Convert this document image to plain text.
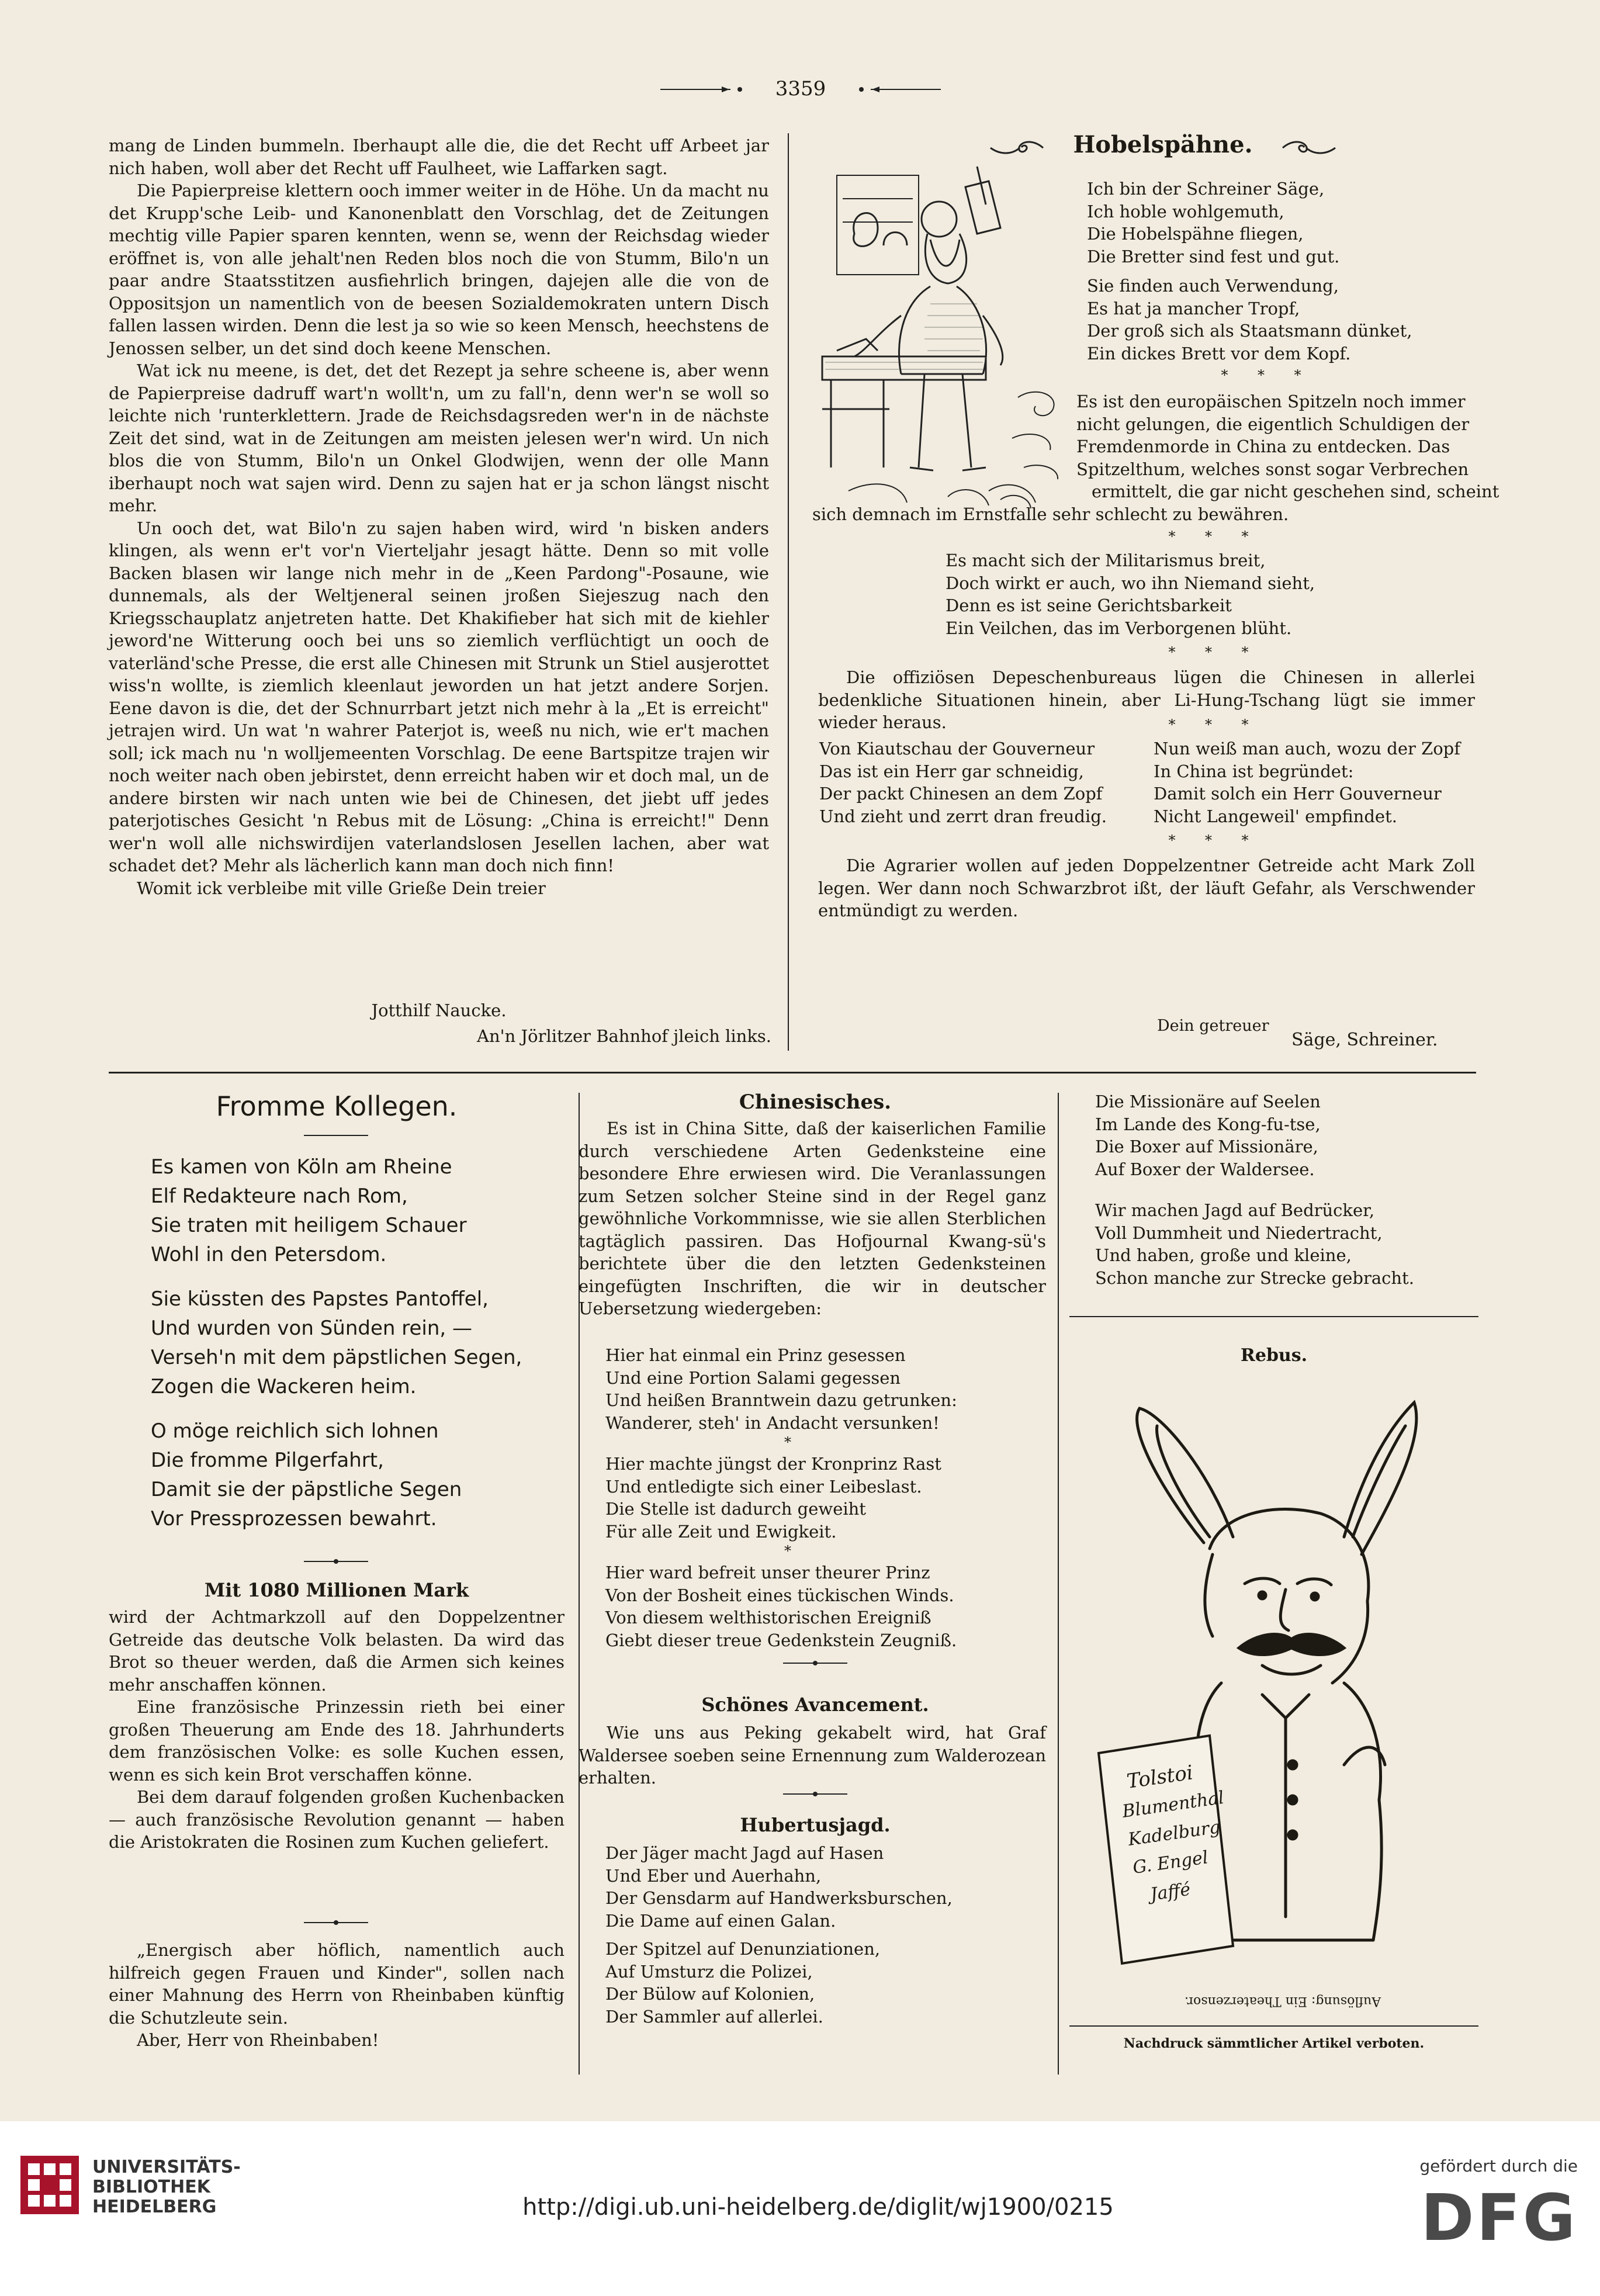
3359

mang de Linden bummeln. Iberhaupt alle die, die det Recht uff Arbeet jar nich haben, woll aber det Recht uff Faulheet, wie Laffarken sagt.

Die Papierpreise klettern ooch immer weiter in de Höhe. Un da macht nu det Krupp'sche Leib- und Kanonenblatt den Vorschlag, det de Zeitungen mechtig ville Papier sparen kennten, wenn se, wenn der Reichsdag wieder eröffnet is, von alle jehalt'nen Reden blos noch die von Stumm, Bilo'n un paar andre Staatsstitzen ausfiehrlich bringen, dajejen alle die von de Oppositsjon un namentlich von de beesen Sozialdemokraten untern Disch fallen lassen wirden. Denn die lest ja so wie so keen Mensch, heechstens de Jenossen selber, un det sind doch keene Menschen.

Wat ick nu meene, is det, det det Rezept ja sehre scheene is, aber wenn de Papierpreise dadruff wart'n wollt'n, um zu fall'n, denn wer'n se woll so leichte nich 'runterklettern. Jrade de Reichsdagsreden wer'n in de nächste Zeit det sind, wat in de Zeitungen am meisten jelesen wer'n wird. Un nich blos die von Stumm, Bilo'n un Onkel Glodwijen, wenn der olle Mann iberhaupt noch wat sajen wird. Denn zu sajen hat er ja schon längst nischt mehr.

Un ooch det, wat Bilo'n zu sajen haben wird, wird 'n bisken anders klingen, als wenn er't vor'n Vierteljahr jesagt hätte. Denn so mit volle Backen blasen wir lange nich mehr in de „Keen Pardong"-Posaune, wie dunnemals, als der Weltjeneral seinen jroßen Siejeszug nach den Kriegsschauplatz anjetreten hatte. Det Khakifieber hat sich mit de kiehler jeword'ne Witterung ooch bei uns so ziemlich verflüchtigt un ooch de vaterländ'sche Presse, die erst alle Chinesen mit Strunk un Stiel ausjerottet wiss'n wollte, is ziemlich kleenlaut jeworden un hat jetzt andere Sorjen. Eene davon is die, det der Schnurrbart jetzt nich mehr à la „Et is erreicht" jetrajen wird. Un wat 'n wahrer Paterjot is, weeß nu nich, wie er't machen soll; ick mach nu 'n wolljemeenten Vorschlag. De eene Bartspitze trajen wir noch weiter nach oben jebirstet, denn erreicht haben wir et doch mal, un de andere birsten wir nach unten wie bei de Chinesen, det jiebt uff jedes paterjotisches Gesicht 'n Rebus mit de Lösung: „China is erreicht!" Denn wer'n woll alle nichswirdijen vaterlandslosen Jesellen lachen, aber wat schadet det? Mehr als lächerlich kann man doch nich finn!

Womit ick verbleibe mit ville Grieße Dein treier

Jotthilf Naucke.
An'n Jörlitzer Bahnhof jleich links.
Hobelspähne.
Ich bin der Schreiner Säge,
Ich hoble wohlgemuth,
Die Hobelspähne fliegen,
Die Bretter sind fest und gut.
Sie finden auch Verwendung,
Es hat ja mancher Tropf,
Der groß sich als Staatsmann dünket,
Ein dickes Brett vor dem Kopf.
*    *    *
Es ist den europäischen Spitzeln noch immer
nicht gelungen, die eigentlich Schuldigen der
Fremdenmorde in China zu entdecken. Das
Spitzelthum, welches sonst sogar Verbrechen
ermittelt, die gar nicht geschehen sind, scheint
sich demnach im Ernstfalle sehr schlecht zu bewähren.
*    *    *
Es macht sich der Militarismus breit,
Doch wirkt er auch, wo ihn Niemand sieht,
Denn es ist seine Gerichtsbarkeit
Ein Veilchen, das im Verborgenen blüht.
*    *    *
Die offiziösen Depeschenbureaus lügen die Chinesen in allerlei bedenkliche Situationen hinein, aber Li-Hung-Tschang lügt sie immer wieder heraus.	*    *    *
Von Kiautschau der Gouverneur
Das ist ein Herr gar schneidig,
Der packt Chinesen an dem Zopf
Und zieht und zerrt dran freudig.
Nun weiß man auch, wozu der Zopf
In China ist begründet:
Damit solch ein Herr Gouverneur
Nicht Langeweil' empfindet.
*    *    *
Die Agrarier wollen auf jeden Doppelzentner Getreide acht Mark Zoll legen. Wer dann noch Schwarzbrot ißt, der läuft Gefahr, als Verschwender entmündigt zu werden.
Dein getreuer
Säge, Schreiner.
Fromme Kollegen.
Es kamen von Köln am Rheine
Elf Redakteure nach Rom,
Sie traten mit heiligem Schauer
Wohl in den Petersdom.
Sie küssten des Papstes Pantoffel,
Und wurden von Sünden rein, —
Verseh'n mit dem päpstlichen Segen,
Zogen die Wackeren heim.
O möge reichlich sich lohnen
Die fromme Pilgerfahrt,
Damit sie der päpstliche Segen
Vor Pressprozessen bewahrt.
Mit 1080 Millionen Mark

wird der Achtmarkzoll auf den Doppelzentner Getreide das deutsche Volk belasten. Da wird das Brot so theuer werden, daß die Armen sich keines mehr anschaffen können.

Eine französische Prinzessin rieth bei einer großen Theuerung am Ende des 18. Jahrhunderts dem französischen Volke: es solle Kuchen essen, wenn es sich kein Brot verschaffen könne.

Bei dem darauf folgenden großen Kuchenbacken — auch französische Revolution genannt — haben die Aristokraten die Rosinen zum Kuchen geliefert.

„Energisch aber höflich, namentlich auch hilfreich gegen Frauen und Kinder", sollen nach einer Mahnung des Herrn von Rheinbaben künftig die Schutzleute sein.

Aber, Herr von Rheinbaben!

Chinesisches.
Es ist in China Sitte, daß der kaiserlichen Familie durch verschiedene Arten Gedenksteine eine besondere Ehre erwiesen wird. Die Veranlassungen zum Setzen solcher Steine sind in der Regel ganz gewöhnliche Vorkommnisse, wie sie allen Sterblichen tagtäglich passiren. Das Hofjournal Kwang-sü's berichtete über die den letzten Gedenksteinen eingefügten Inschriften, die wir in deutscher Uebersetzung wiedergeben:
Hier hat einmal ein Prinz gesessen
Und eine Portion Salami gegessen
Und heißen Branntwein dazu getrunken:
Wanderer, steh' in Andacht versunken!
*
Hier machte jüngst der Kronprinz Rast
Und entledigte sich einer Leibeslast.
Die Stelle ist dadurch geweiht
Für alle Zeit und Ewigkeit.
*
Hier ward befreit unser theurer Prinz
Von der Bosheit eines tückischen Winds.
Von diesem welthistorischen Ereigniß
Giebt dieser treue Gedenkstein Zeugniß.
Schönes Avancement.
Wie uns aus Peking gekabelt wird, hat Graf Waldersee soeben seine Ernennung zum Walderozean erhalten.
Hubertusjagd.
Der Jäger macht Jagd auf Hasen
Und Eber und Auerhahn,
Der Gensdarm auf Handwerksburschen,
Die Dame auf einen Galan.
Der Spitzel auf Denunziationen,
Auf Umsturz die Polizei,
Der Bülow auf Kolonien,
Der Sammler auf allerlei.
Die Missionäre auf Seelen
Im Lande des Kong-fu-tse,
Die Boxer auf Missionäre,
Auf Boxer der Waldersee.
Wir machen Jagd auf Bedrücker,
Voll Dummheit und Niedertracht,
Und haben, große und kleine,
Schon manche zur Strecke gebracht.
Rebus.
Tolstoi
Blumenthal
Kadelburg
G. Engel
Jaffé
Auflösung: Ein Theaterzensor.
Nachdruck sämmtlicher Artikel verboten.
UNIVERSITÄTS-
BIBLIOTHEK
HEIDELBERG	http://digi.ub.uni-heidelberg.de/diglit/wj1900/0215
gefördert durch die
DFG
